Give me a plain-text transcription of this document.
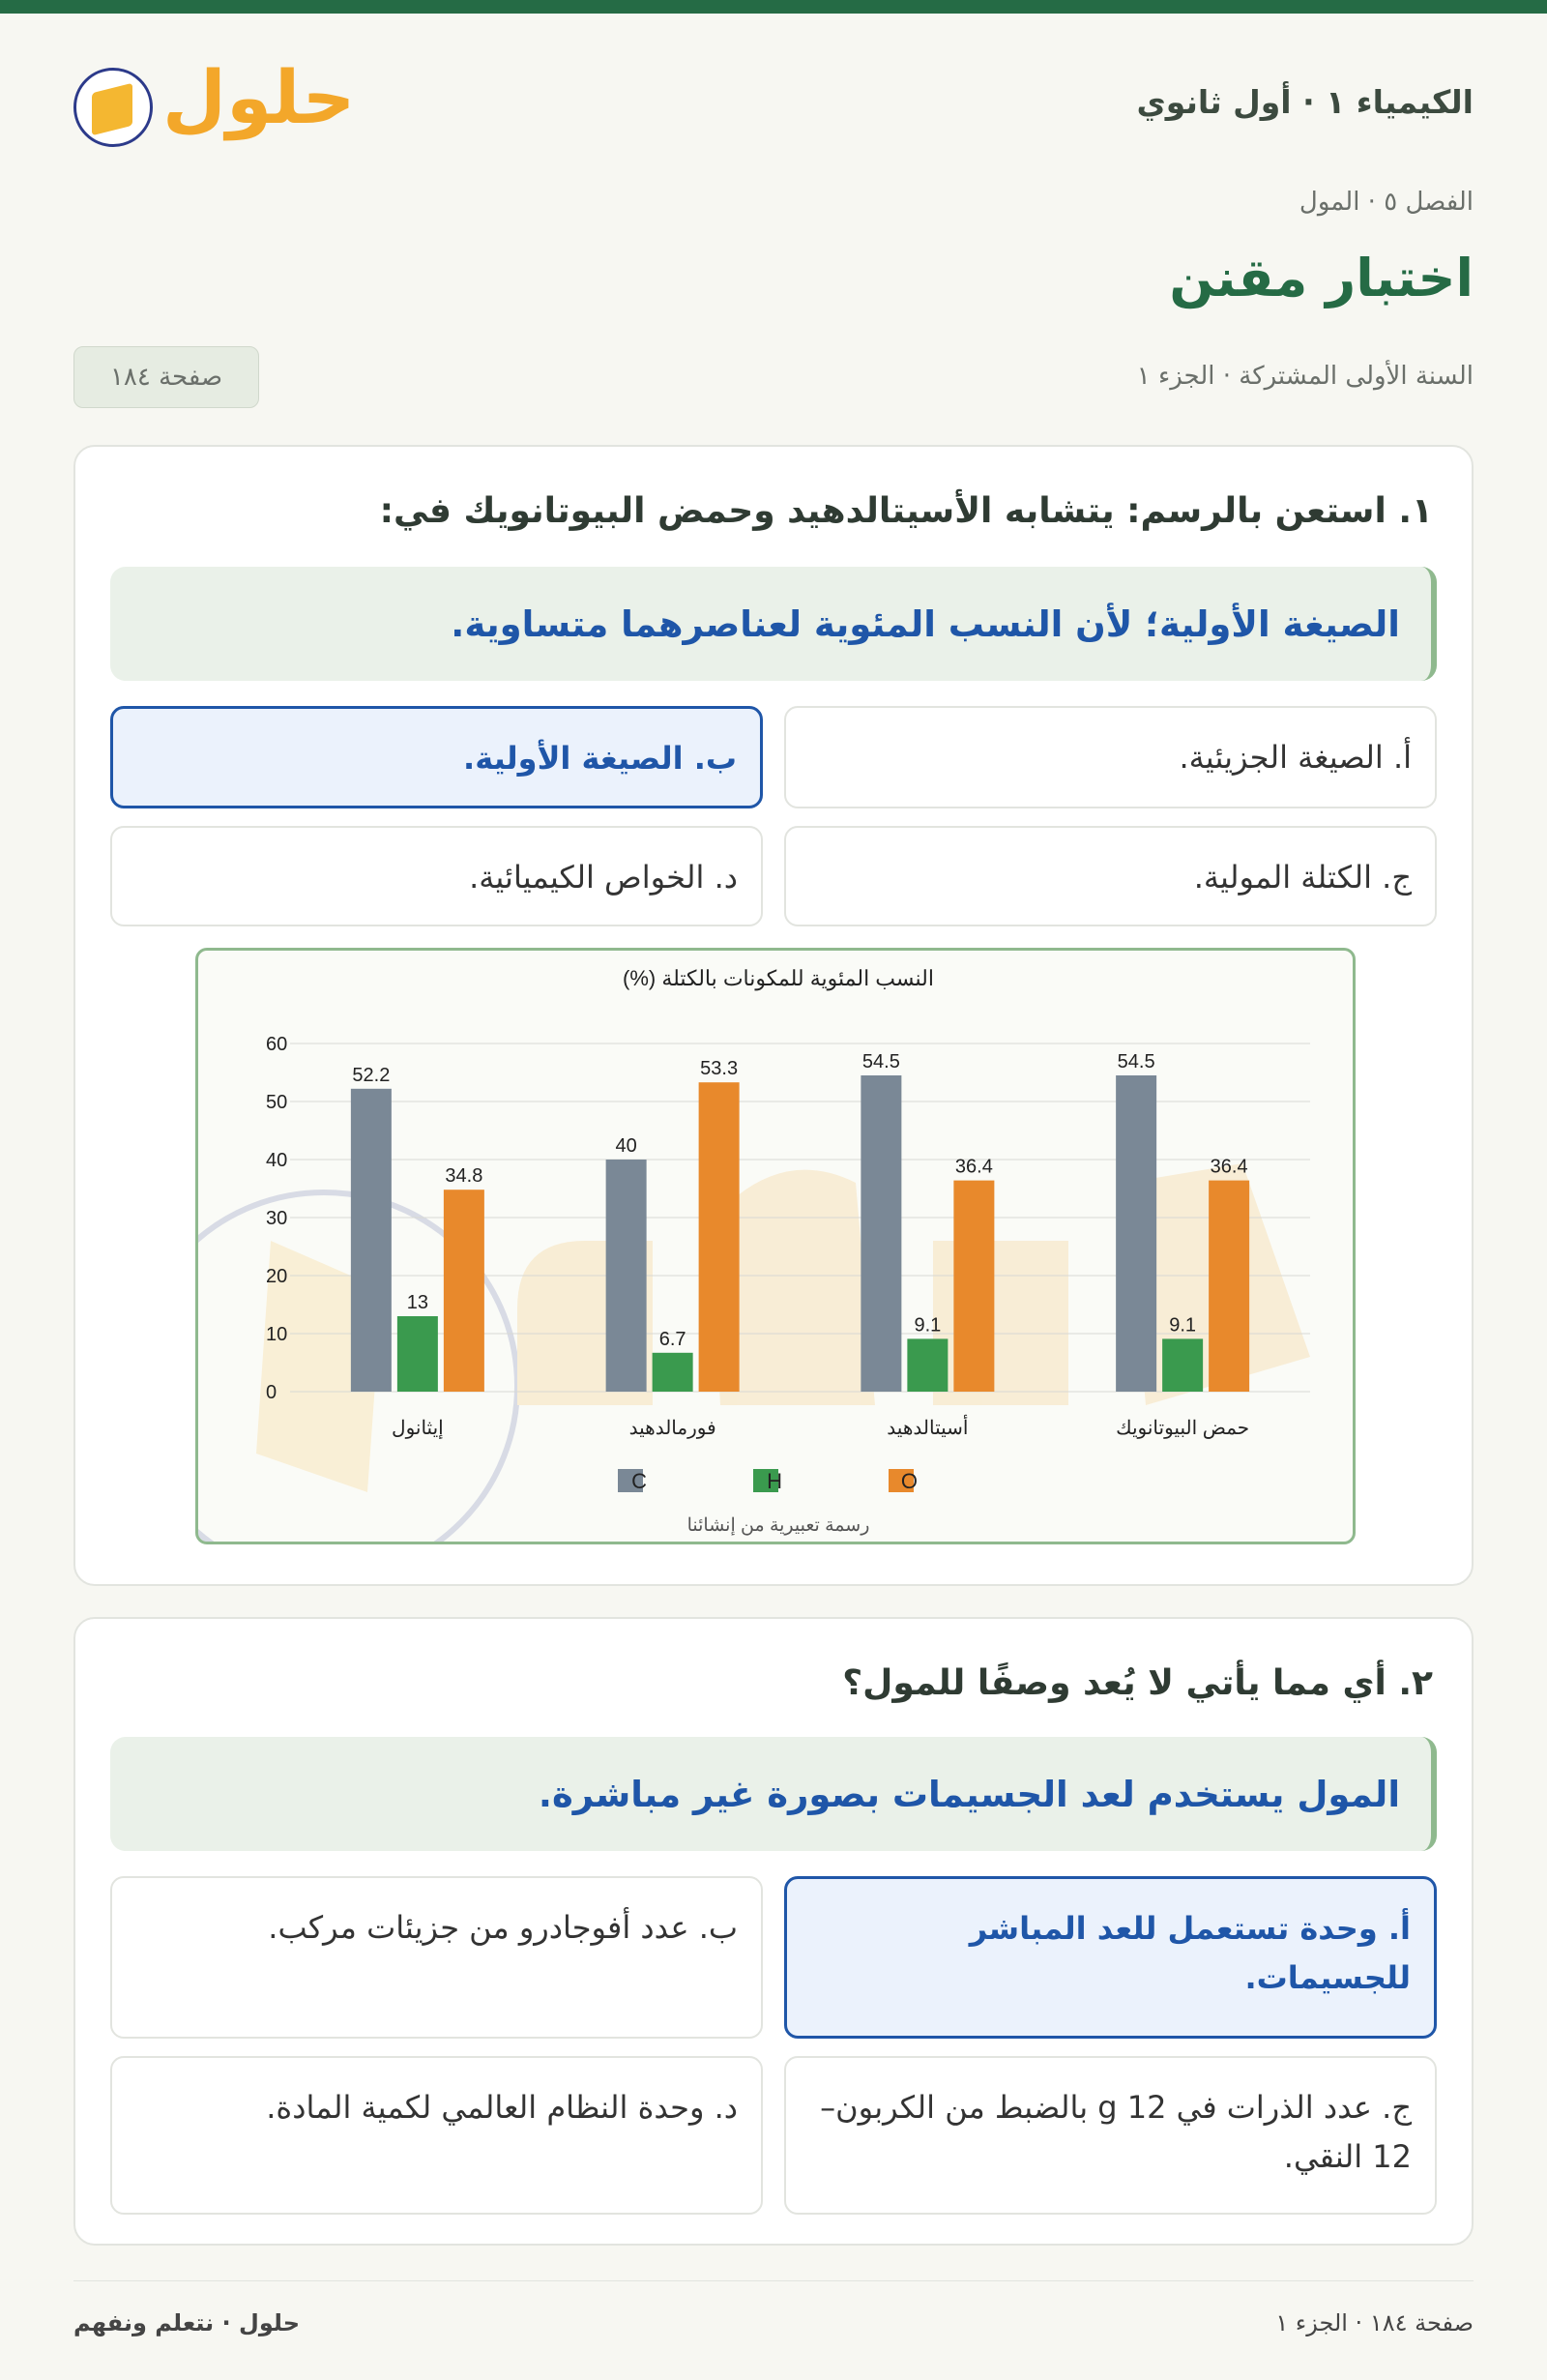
الكيمياء ١ · أول ثانوي
حلول
الفصل ٥ · المول
اختبار مقنن
السنة الأولى المشتركة · الجزء ١
صفحة ١٨٤
١. استعن بالرسم: يتشابه الأسيتالدهيد وحمض البيوتانويك في:
الصيغة الأولية؛ لأن النسب المئوية لعناصرهما متساوية.
أ. الصيغة الجزيئية.
ب. الصيغة الأولية.
ج. الكتلة المولية.
د. الخواص الكيميائية.
النسب المئوية للمكونات بالكتلة (%)
0
10
20
30
40
50
60
52.2
13
34.8
إيثانول
40
6.7
53.3
فورمالدهيد
54.5
9.1
36.4
أسيتالدهيد
54.5
9.1
36.4
حمض البيوتانويك
C	H	O
رسمة تعبيرية من إنشائنا
٢. أي مما يأتي لا يُعد وصفًا للمول؟
المول يستخدم لعد الجسيمات بصورة غير مباشرة.
أ. وحدة تستعمل للعد المباشر للجسيمات.
ب. عدد أفوجادرو من جزيئات مركب.
ج. عدد الذرات في g 12 بالضبط من الكربون–12 النقي.
د. وحدة النظام العالمي لكمية المادة.
صفحة ١٨٤ · الجزء ١
حلول · نتعلم ونفهم
